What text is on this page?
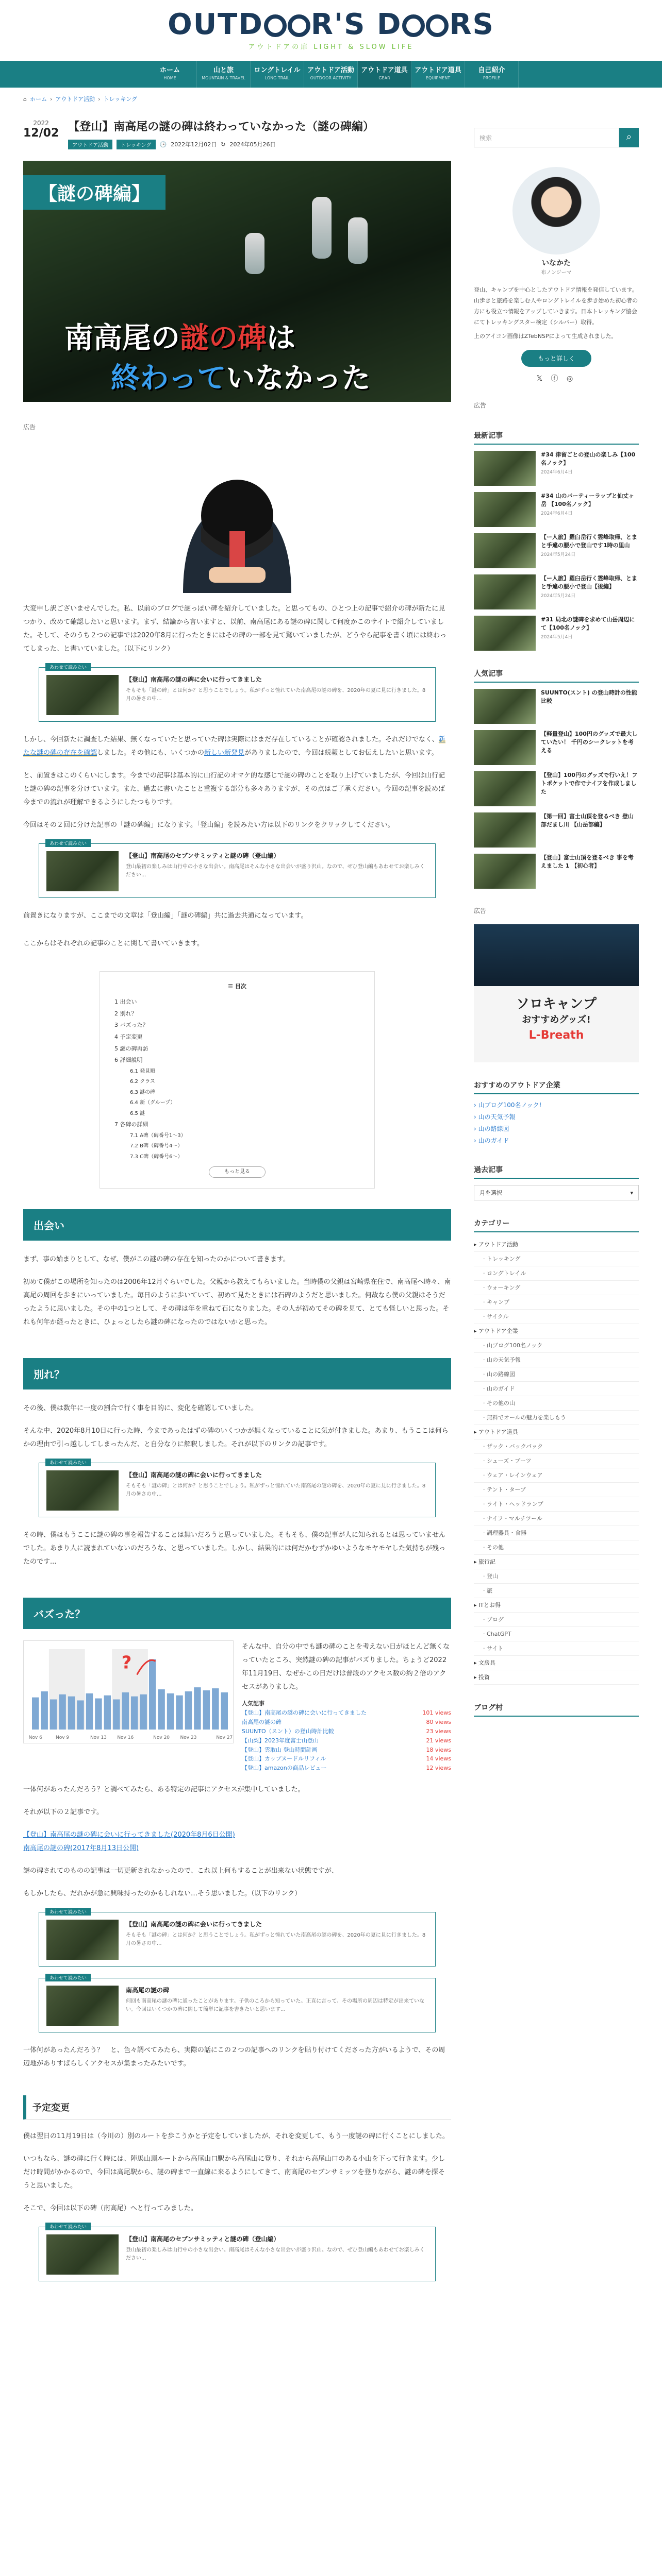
OUTD R'S D RS
アウトドアの扉 LIGHT & SLOW LIFE
ホーム
HOME
山と旅
MOUNTAIN & TRAVEL
ロングトレイル
LONG TRAIL
アウトドア活動
OUTDOOR ACTIVITY
アウトドア道具
GEAR
アウトドア道具
EQUIPMENT
自己紹介
PROFILE
⌂ ホーム › アウトドア活動 › トレッキング
2022
12/02 【登山】南高尾の謎の碑は終わっていなかった（謎の碑編）
アウトドア活動	トレッキング	🕒 2022年12月02日 ↻ 2024年05月26日
【謎の碑編】
南高尾の謎の碑は
終わっていなかった
広告

大変申し訳ございませんでした。私、以前のブログで謎っぽい碑を紹介していました。と思ってもの、ひとつ上の記事で紹介の碑が新たに見つかり、改めて確認したいと思います。まず、結論から言いますと、以前、南高尾にある謎の碑に関して何度かこのサイトで紹介していました。そして、そのうち２つの記事では2020年8月に行ったときにはその碑の一部を見て驚いていましたが、どうやら記事を書く頃には終わってしまった、と書いていました。（以下にリンク）

あわせて読みたい
【登山】南高尾の謎の碑に会いに行ってきました
そもそも「謎の碑」とは何か？と思うことでしょう。私がずっと憧れていた南高尾の謎の碑を、2020年の夏に見に行きました。8月の暑さの中...

しかし、今回新たに調査した結果、無くなっていたと思っていた碑は実際にはまだ存在していることが確認されました。それだけでなく、新たな謎の碑の存在を確認しました。その他にも、いくつかの新しい新発見がありましたので、今回は続報としてお伝えしたいと思います。

と、前置きはこのくらいにします。今までの記事は基本的に山行記のオマケ的な感じで謎の碑のことを取り上げていましたが、今回は山行記と謎の碑の記事を分けています。また、過去に書いたことと重複する部分も多々ありますが、その点はご了承ください。今回の記事を読めば今までの流れが理解できるようにしたつもりです。

今回はその２回に分けた記事の「謎の碑編」になります。「登山編」を読みたい方は以下のリンクをクリックしてください。

あわせて読みたい
【登山】南高尾のセブンサミッティと謎の碑（登山編）
登山最初の楽しみは山行中の小さな出会い。南高尾はそんな小さな出会いが盛り沢山。なので、ぜひ登山編もあわせてお楽しみください...

前置きになりますが、ここまでの文章は「登山編」「謎の碑編」共に過去共通になっています。

ここからはそれぞれの記事のことに関して書いていきます。

☰ 目次
1 出会い
2 別れ？
3 バズった？
4 予定変更
5 謎の碑再訪
6 詳細説明
6.1 発見順
6.2 クラス
6.3 謎の碑
6.4 新（グループ）
6.5 謎
7 各碑の詳細
7.1 A碑（碑番号1～3）
7.2 B碑（碑番号4～）
7.3 C碑（碑番号6～）
もっと見る
出会い

まず、事の始まりとして、なぜ、僕がこの謎の碑の存在を知ったのかについて書きます。

初めて僕がこの場所を知ったのは2006年12月ぐらいでした。父親から教えてもらいました。当時僕の父親は宮崎県在住で、南高尾へ時々、南高尾の周回を歩きにいっていました。毎日のように歩いていて、初めて見たときには石碑のようだと思いました。何故なら僕の父親はそうだったように思いました。その中の1つとして、その碑は年を重ねて石になりました。その人が初めてその碑を見て、とても怪しいと思った。それも何年か経ったときに、ひょっとしたら謎の碑になったのではないかと思った。

別れ？

その後、僕は数年に一度の割合で行く事を目的に、変化を確認していました。

そんな中、2020年8月10日に行った時、今まであったはずの碑のいくつかが無くなっていることに気が付きました。あまり、もうここは何らかの理由で引っ越ししてしまったんだ、と自分なりに解釈しました。それが以下のリンクの記事です。

あわせて読みたい
【登山】南高尾の謎の碑に会いに行ってきました
そもそも「謎の碑」とは何か？と思うことでしょう。私がずっと憧れていた南高尾の謎の碑を、2020年の夏に見に行きました。8月の暑さの中...

その時、僕はもうここに謎の碑の事を報告することは無いだろうと思っていました。そもそも、僕の記事が人に知られるとは思っていませんでした。あまり人に読まれていないのだろうな、と思っていました。しかし、結果的には何だかむずかゆいようなモヤモヤした気持ちが残ったのです...

バズった？
?
Nov 6	Nov 9	Nov 13 Nov 16	Nov 20 Nov 23	Nov 27

そんな中、自分の中でも謎の碑のことを考えない日がほとんど無くなっていたところ、突然謎の碑の記事がバズりました。ちょうど2022年11月19日、なぜかこの日だけは普段のアクセス数の約２倍のアクセスがありました。

人気記事
【登山】南高尾の謎の碑に会いに行ってきました	101 views
南高尾の謎の碑	80 views
SUUNTO（スント）の登山時計比較	23 views
【山梨】2023年度富士山登山	21 views
【登山】雲取山 登山時間計画	18 views
【登山】カップヌードルリフィル	14 views
【登山】amazonの商品レビュー	12 views

一体何があったんだろう？と調べてみたら、ある特定の記事にアクセスが集中していました。

それが以下の２記事です。

【登山】南高尾の謎の碑に会いに行ってきました(2020年8月6日公開)
南高尾の謎の碑(2017年8月13日公開)

謎の碑されてのものの記事は一切更新されなかったので、これ以上何もすることが出来ない状態ですが、

もしかしたら、だれかが急に興味持ったのかもしれない…そう思いました。（以下のリンク）

あわせて読みたい
【登山】南高尾の謎の碑に会いに行ってきました
そもそも「謎の碑」とは何か？と思うことでしょう。私がずっと憧れていた南高尾の謎の碑を、2020年の夏に見に行きました。8月の暑さの中...
あわせて読みたい
南高尾の謎の碑
何回も南高尾の謎の碑に通ったことがあります。子供のころから知っていた。正直に言って、その場所の周辺は特定が出来ていない。今回はいくつかの碑に関して簡単に記事を書きたいと思います...

一体何があったんだろう？　と、色々調べてみたら、実際の話にこの２つの記事へのリンクを貼り付けてくださった方がいるようで、その周辺地がありすばらしくアクセスが集まったみたいです。

予定変更

僕は翌日の11月19日は（今川の）別のルートを歩こうかと予定をしていましたが、それを変更して、もう一度謎の碑に行くことにしました。

いつもなら、謎の碑に行く時には、陣馬山頂ルートから高尾山口駅から高尾山に登り、それから高尾山口のある小山を下って行きます。少しだけ時間がかかるので、今回は高尾駅から、謎の碑まで一直線に来るようにしてきて、南高尾のセブンサミッツを登りながら、謎の碑を探そうと思いました。

そこで、今回は以下の碑（南高尾）へと行ってみました。

あわせて読みたい
【登山】南高尾のセブンサミッティと謎の碑（登山編）
登山最初の楽しみは山行中の小さな出会い。南高尾はそんな小さな出会いが盛り沢山。なので、ぜひ登山編もあわせてお楽しみください...
検索	⌕
いなかた
布ノンジーマ

登山、キャンプを中心としたアウトドア情報を発信しています。山歩きと旅路を楽しむ人やロングトレイルを歩き始めた初心者の方にも役立つ情報をアップしていきます。日本トレッキング協会にてトレッキングスター検定（シルバー）取得。

上のアイコン画像はZTebNSPによって生成されました。

もっと詳しく
𝕏 ⓕ ◎
広告
最新記事
#34 津留ごとの登山の楽しみ【100名ノック】
2024年6月4日
#34 山のパーティーラップと仙丈ヶ岳 【100名ノック】
2024年6月4日
【ー人旅】羅臼岳行く霊峰取帰、とまと手違の腰小で登山です1時の里山
2024年5月24日
【ー人旅】羅臼岳行く霊峰取帰、とまと手違の腰小で登山【後編】
2024年5月24日
#31 局北の謎碑を求めて山岳周辺にて【100名ノック】
2024年5月4日
人気記事
SUUNTO(スント) の登山時計の性能比較
【軽量登山】100円のグッズで最大していたい！ 千円のシークレットを考える
【登山】100円のグッズで行いえ！フトポケットで作でナイフを作成しました
【第一回】富士山頂を登るべき 登山部だまし川 【山岳部編】
【登山】富士山頂を登るべき 事を考えました 1 【初心者】
広告
ソロキャンプ
おすすめグッズ!
L-Breath
おすすめのアウトドア企業
› 山ブログ100名ノック!
› 山の天気予報
› 山の路線図
› 山のガイド
過去記事
月を選択	▾
カテゴリー
▸ アウトドア活動
· トレッキング
· ロングトレイル
· ウォーキング
· キャンプ
· サイクル
▸ アウトドア企業
· 山ブログ100名ノック
· 山の天気予報
· 山の路線図
· 山のガイド
· その他の山
· 無料でオールの魅力を楽しもう
▸ アウトドア道具
· ザック・バックパック
· シューズ・ブーツ
· ウェア・レインウェア
· テント・タープ
· ライト・ヘッドランプ
· ナイフ・マルチツール
· 調理器具・食器
· その他
▸ 旅行記
· 登山
· 旅
▸ ITとお得
· ブログ
· ChatGPT
· サイト
▸ 文房具
▸ 投資
ブログ村
